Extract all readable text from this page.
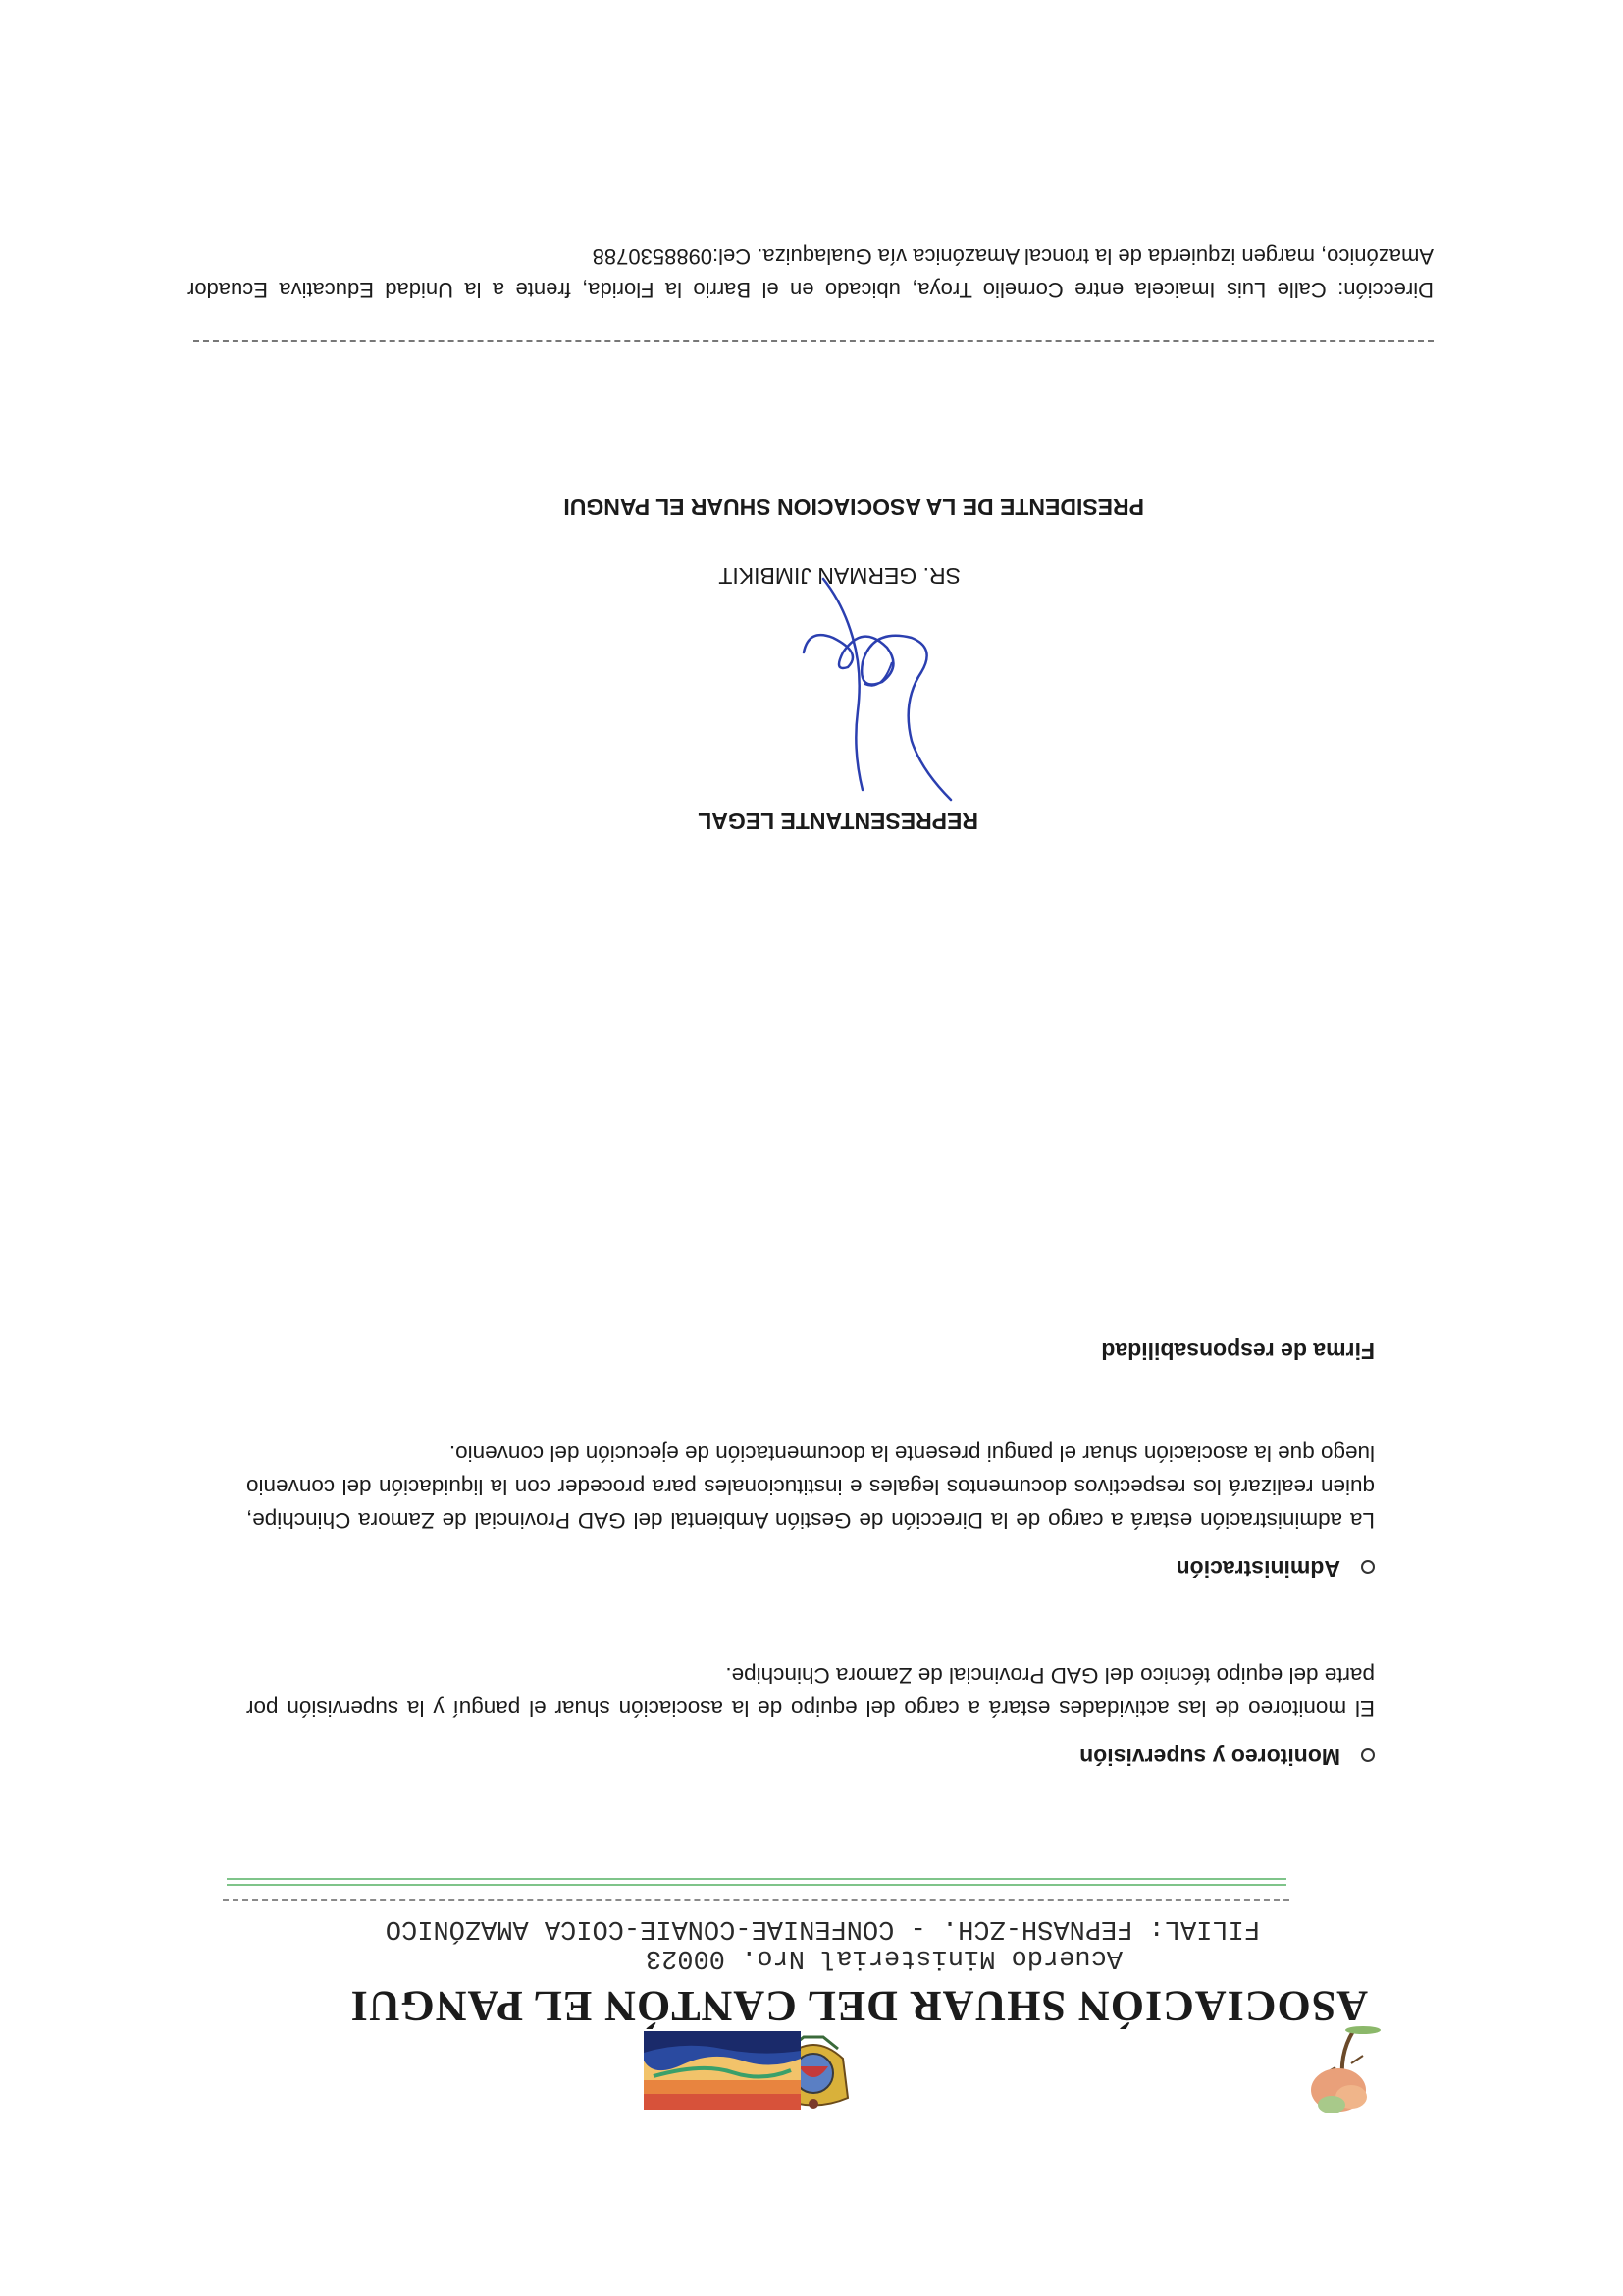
ASOCIACIÓN SHUAR DEL CANTÓN EL PANGUI
Acuerdo Ministerial Nro. 00023
FILIAL: FEPNASH-ZCH. - CONFENIAE-CONAIE-COICA AMAZÓNICO
Monitoreo y supervisión

El monitoreo de las actividades estará a cargo del equipo de la asociación shuar el panguí y la supervisión por parte del equipo técnico del GAD Provincial de Zamora Chinchipe.

Administración

La administración estará a cargo de la Dirección de Gestión Ambiental del GAD Provincial de Zamora Chinchipe, quien realizará los respectivos documentos legales e institucionales para proceder con la liquidación del convenio luego que la asociación shuar el pangui presente la documentación de ejecución del convenio.

Firma de responsabilidad
REPRESENTANTE LEGAL
SR. GERMAN JIMBIKIT
PRESIDENTE DE LA ASOCIACION SHUAR EL PANGUI

Dirección: Calle Luis Imaicela entre Cornelio Troya, ubicado en el Barrio la Florida, frente a la Unidad Educativa Ecuador Amazónico, margen izquierda de la troncal Amazónica vía Gualaquiza. Cel:0988530788
